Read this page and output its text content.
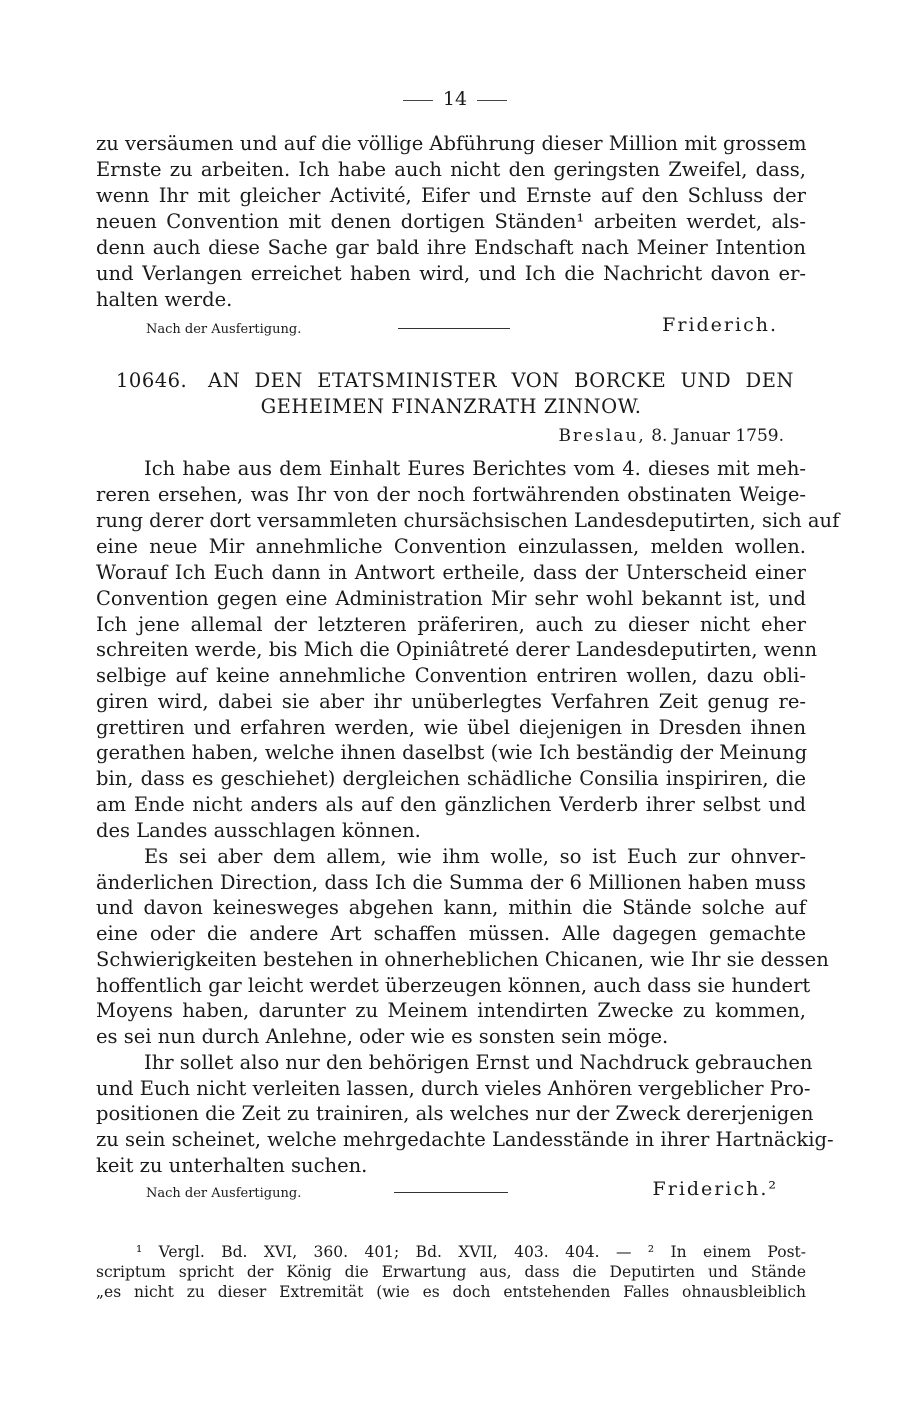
14
zu versäumen und auf die völlige Abführung dieser Million mit grossem
Ernste zu arbeiten. Ich habe auch nicht den geringsten Zweifel, dass,
wenn Ihr mit gleicher Activité, Eifer und Ernste auf den Schluss der
neuen Convention mit denen dortigen Ständen¹ arbeiten werdet, als-
denn auch diese Sache gar bald ihre Endschaft nach Meiner Intention
und Verlangen erreichet haben wird, und Ich die Nachricht davon er-
halten werde.
Nach der Ausfertigung.	Friderich.
10646. AN DEN ETATSMINISTER VON BORCKE UND DEN
GEHEIMEN FINANZRATH ZINNOW.
Breslau, 8. Januar 1759.
Ich habe aus dem Einhalt Eures Berichtes vom 4. dieses mit meh-
reren ersehen, was Ihr von der noch fortwährenden obstinaten Weige-
rung derer dort versammleten chursächsischen Landesdeputirten, sich auf
eine neue Mir annehmliche Convention einzulassen, melden wollen.
Worauf Ich Euch dann in Antwort ertheile, dass der Unterscheid einer
Convention gegen eine Administration Mir sehr wohl bekannt ist, und
Ich jene allemal der letzteren präferiren, auch zu dieser nicht eher
schreiten werde, bis Mich die Opiniâtreté derer Landesdeputirten, wenn
selbige auf keine annehmliche Convention entriren wollen, dazu obli-
giren wird, dabei sie aber ihr unüberlegtes Verfahren Zeit genug re-
grettiren und erfahren werden, wie übel diejenigen in Dresden ihnen
gerathen haben, welche ihnen daselbst (wie Ich beständig der Meinung
bin, dass es geschiehet) dergleichen schädliche Consilia inspiriren, die
am Ende nicht anders als auf den gänzlichen Verderb ihrer selbst und
des Landes ausschlagen können.
Es sei aber dem allem, wie ihm wolle, so ist Euch zur ohnver-
änderlichen Direction, dass Ich die Summa der 6 Millionen haben muss
und davon keinesweges abgehen kann, mithin die Stände solche auf
eine oder die andere Art schaffen müssen. Alle dagegen gemachte
Schwierigkeiten bestehen in ohnerheblichen Chicanen, wie Ihr sie dessen
hoffentlich gar leicht werdet überzeugen können, auch dass sie hundert
Moyens haben, darunter zu Meinem intendirten Zwecke zu kommen,
es sei nun durch Anlehne, oder wie es sonsten sein möge.
Ihr sollet also nur den behörigen Ernst und Nachdruck gebrauchen
und Euch nicht verleiten lassen, durch vieles Anhören vergeblicher Pro-
positionen die Zeit zu trainiren, als welches nur der Zweck dererjenigen
zu sein scheinet, welche mehrgedachte Landesstände in ihrer Hartnäckig-
keit zu unterhalten suchen.
Nach der Ausfertigung.	Friderich.²
¹ Vergl. Bd. XVI, 360. 401; Bd. XVII, 403. 404. — ² In einem Post-
scriptum spricht der König die Erwartung aus, dass die Deputirten und Stände
„es nicht zu dieser Extremität (wie es doch entstehenden Falles ohnausbleiblich
